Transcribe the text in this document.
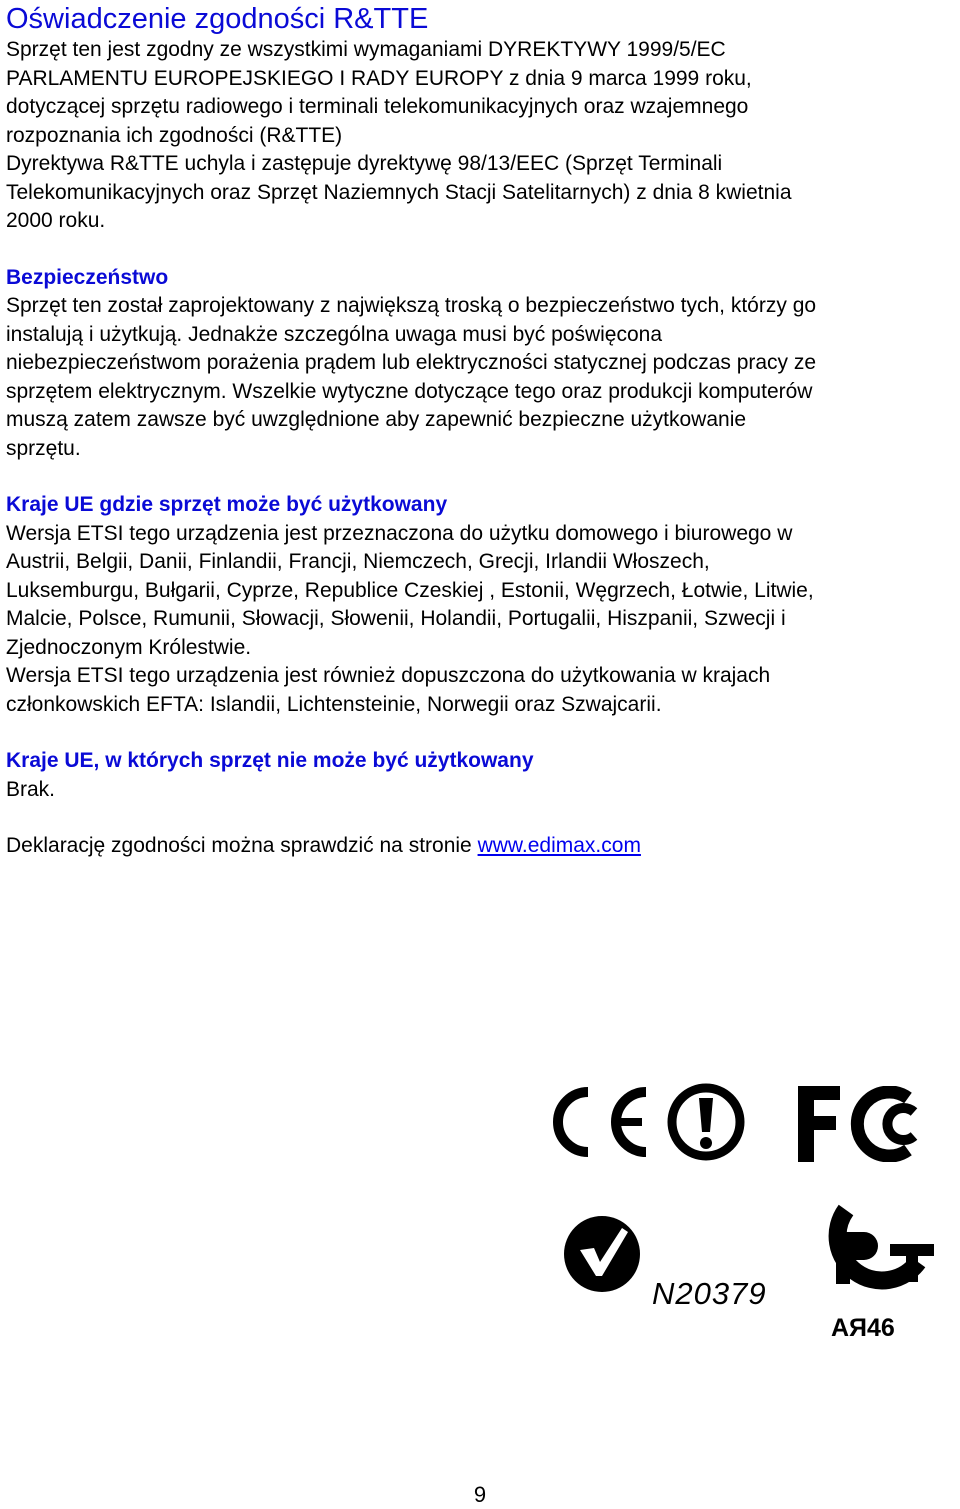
Oświadczenie zgodności R&TTE

Sprzęt ten jest zgodny ze wszystkimi wymaganiami DYREKTYWY 1999/5/EC

PARLAMENTU EUROPEJSKIEGO I RADY EUROPY z dnia 9 marca 1999 roku,

dotyczącej sprzętu radiowego i terminali telekomunikacyjnych oraz wzajemnego

rozpoznania ich zgodności (R&TTE)

Dyrektywa R&TTE uchyla i zastępuje dyrektywę 98/13/EEC (Sprzęt Terminali

Telekomunikacyjnych oraz Sprzęt Naziemnych Stacji Satelitarnych) z dnia 8 kwietnia

2000 roku.

Bezpieczeństwo

Sprzęt ten został zaprojektowany z największą troską o bezpieczeństwo tych, którzy go

instalują i użytkują. Jednakże szczególna uwaga musi być poświęcona

niebezpieczeństwom porażenia prądem lub elektryczności statycznej podczas pracy ze

sprzętem elektrycznym. Wszelkie wytyczne dotyczące tego oraz produkcji komputerów

muszą zatem zawsze być uwzględnione aby zapewnić bezpieczne użytkowanie

sprzętu.

Kraje UE gdzie sprzęt może być użytkowany

Wersja ETSI tego urządzenia jest przeznaczona do użytku domowego i biurowego w

Austrii, Belgii, Danii, Finlandii, Francji, Niemczech, Grecji, Irlandii Włoszech,

Luksemburgu, Bułgarii, Cyprze, Republice Czeskiej , Estonii, Węgrzech, Łotwie, Litwie,

Malcie, Polsce, Rumunii, Słowacji, Słowenii, Holandii, Portugalii, Hiszpanii, Szwecji i

Zjednoczonym Królestwie.

Wersja ETSI tego urządzenia jest również dopuszczona do użytkowania w krajach

członkowskich EFTA: Islandii, Lichtensteinie, Norwegii oraz Szwajcarii.

Kraje UE, w których sprzęt nie może być użytkowany

Brak.

Deklarację zgodności można sprawdzić na stronie www.edimax.com

N20379
АЯ46
9
